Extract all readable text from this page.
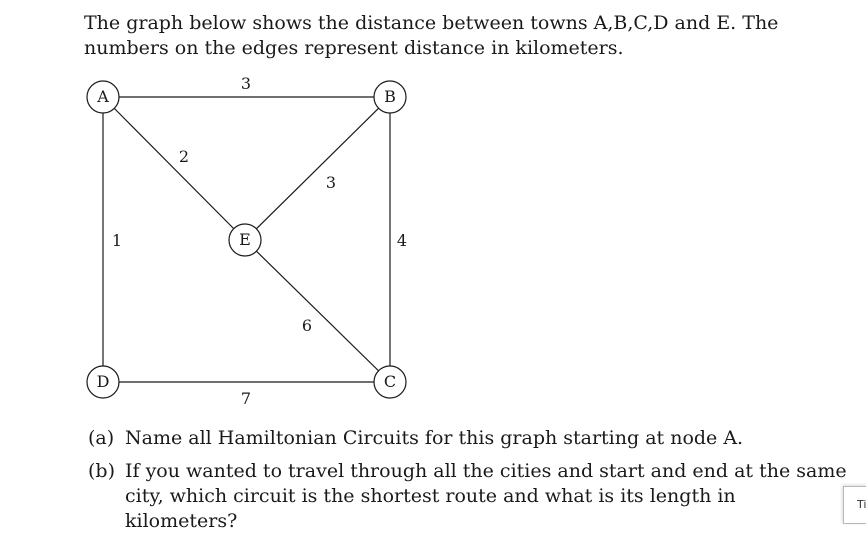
The graph below shows the distance between towns A,B,C,D and E. The numbers on the edges represent distance in kilometers.

3
2
1
3
4
6
7
A	B
C
D
E
(a) Name all Hamiltonian Circuits for this graph starting at node A.
(b) If you wanted to travel through all the cities and start and end at the same city, which circuit is the shortest route and what is its length in kilometers?
Ti
